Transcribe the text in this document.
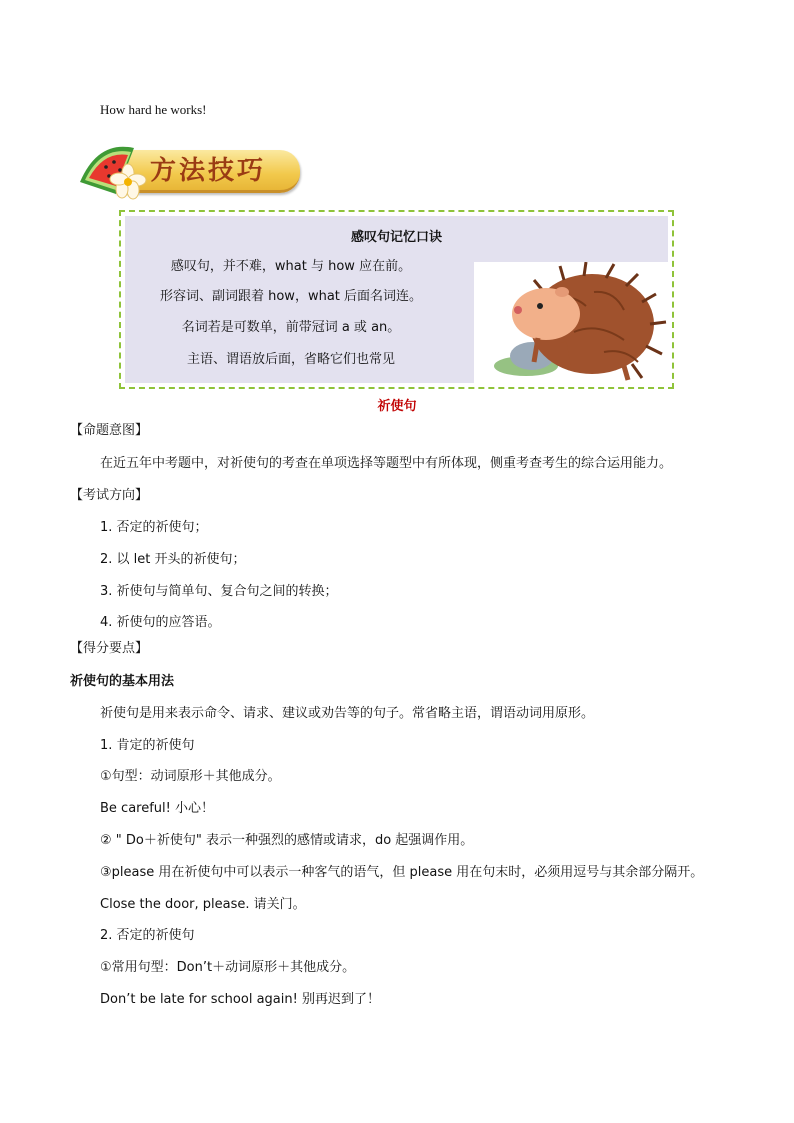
How hard he works!
方法技巧
感叹句记忆口诀
感叹句，并不难，what 与 how 应在前。
形容词、副词跟着 how，what 后面名词连。
名词若是可数单，前带冠词 a 或 an。
主语、谓语放后面，省略它们也常见
祈使句
【命题意图】
在近五年中考题中，对祈使句的考查在单项选择等题型中有所体现，侧重考查考生的综合运用能力。
【考试方向】
1. 否定的祈使句；
2. 以 let 开头的祈使句；
3. 祈使句与简单句、复合句之间的转换；
4. 祈使句的应答语。
【得分要点】
祈使句的基本用法
祈使句是用来表示命令、请求、建议或劝告等的句子。常省略主语，谓语动词用原形。
1. 肯定的祈使句
①句型：动词原形＋其他成分。
Be careful! 小心！
② " Do＋祈使句" 表示一种强烈的感情或请求，do 起强调作用。
③please 用在祈使句中可以表示一种客气的语气，但 please 用在句末时，必须用逗号与其余部分隔开。
Close the door, please. 请关门。
2. 否定的祈使句
①常用句型：Don’t＋动词原形＋其他成分。
Don’t be late for school again! 别再迟到了！
